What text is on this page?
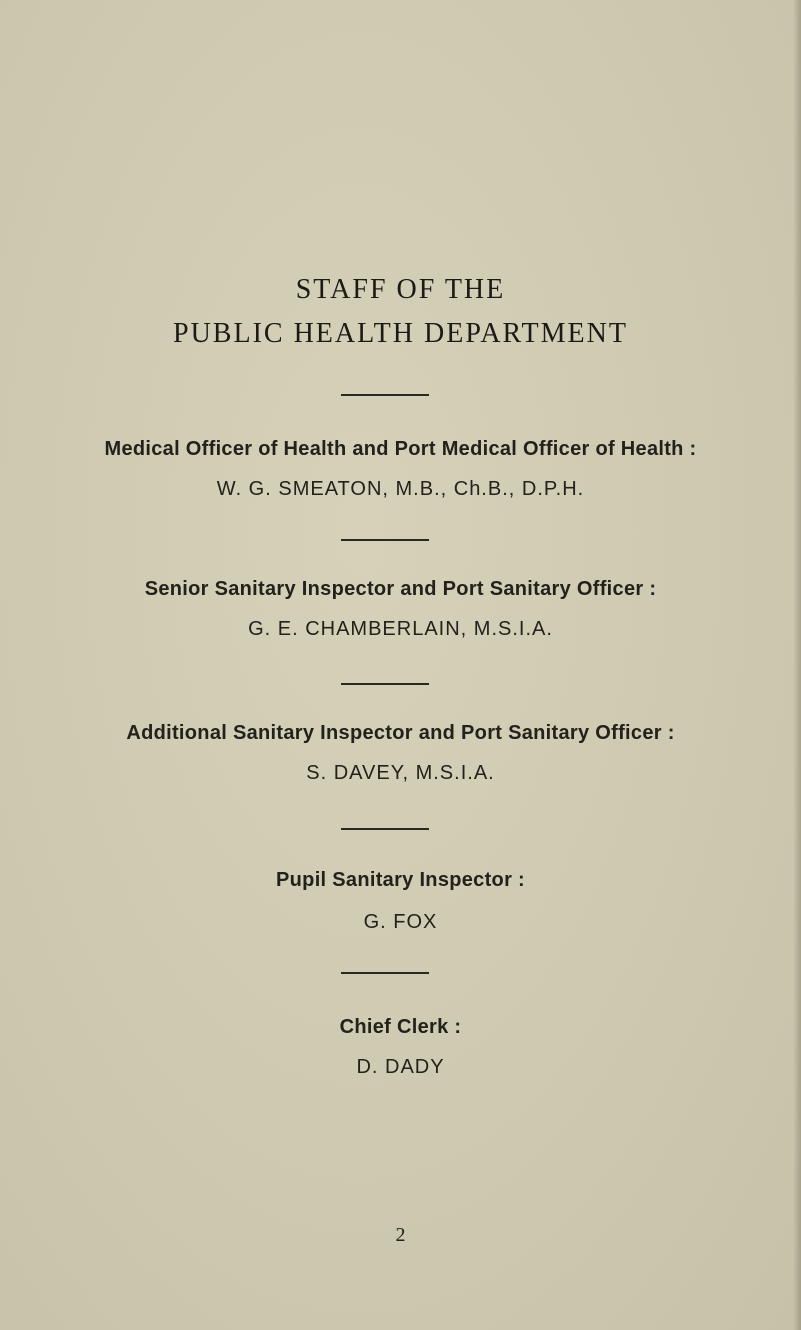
STAFF OF THE
PUBLIC HEALTH DEPARTMENT
Medical Officer of Health and Port Medical Officer of Health :
W. G. SMEATON, M.B., Ch.B., D.P.H.
Senior Sanitary Inspector and Port Sanitary Officer :
G. E. CHAMBERLAIN, M.S.I.A.
Additional Sanitary Inspector and Port Sanitary Officer :
S. DAVEY, M.S.I.A.
Pupil Sanitary Inspector :
G. FOX
Chief Clerk :
D. DADY
2
